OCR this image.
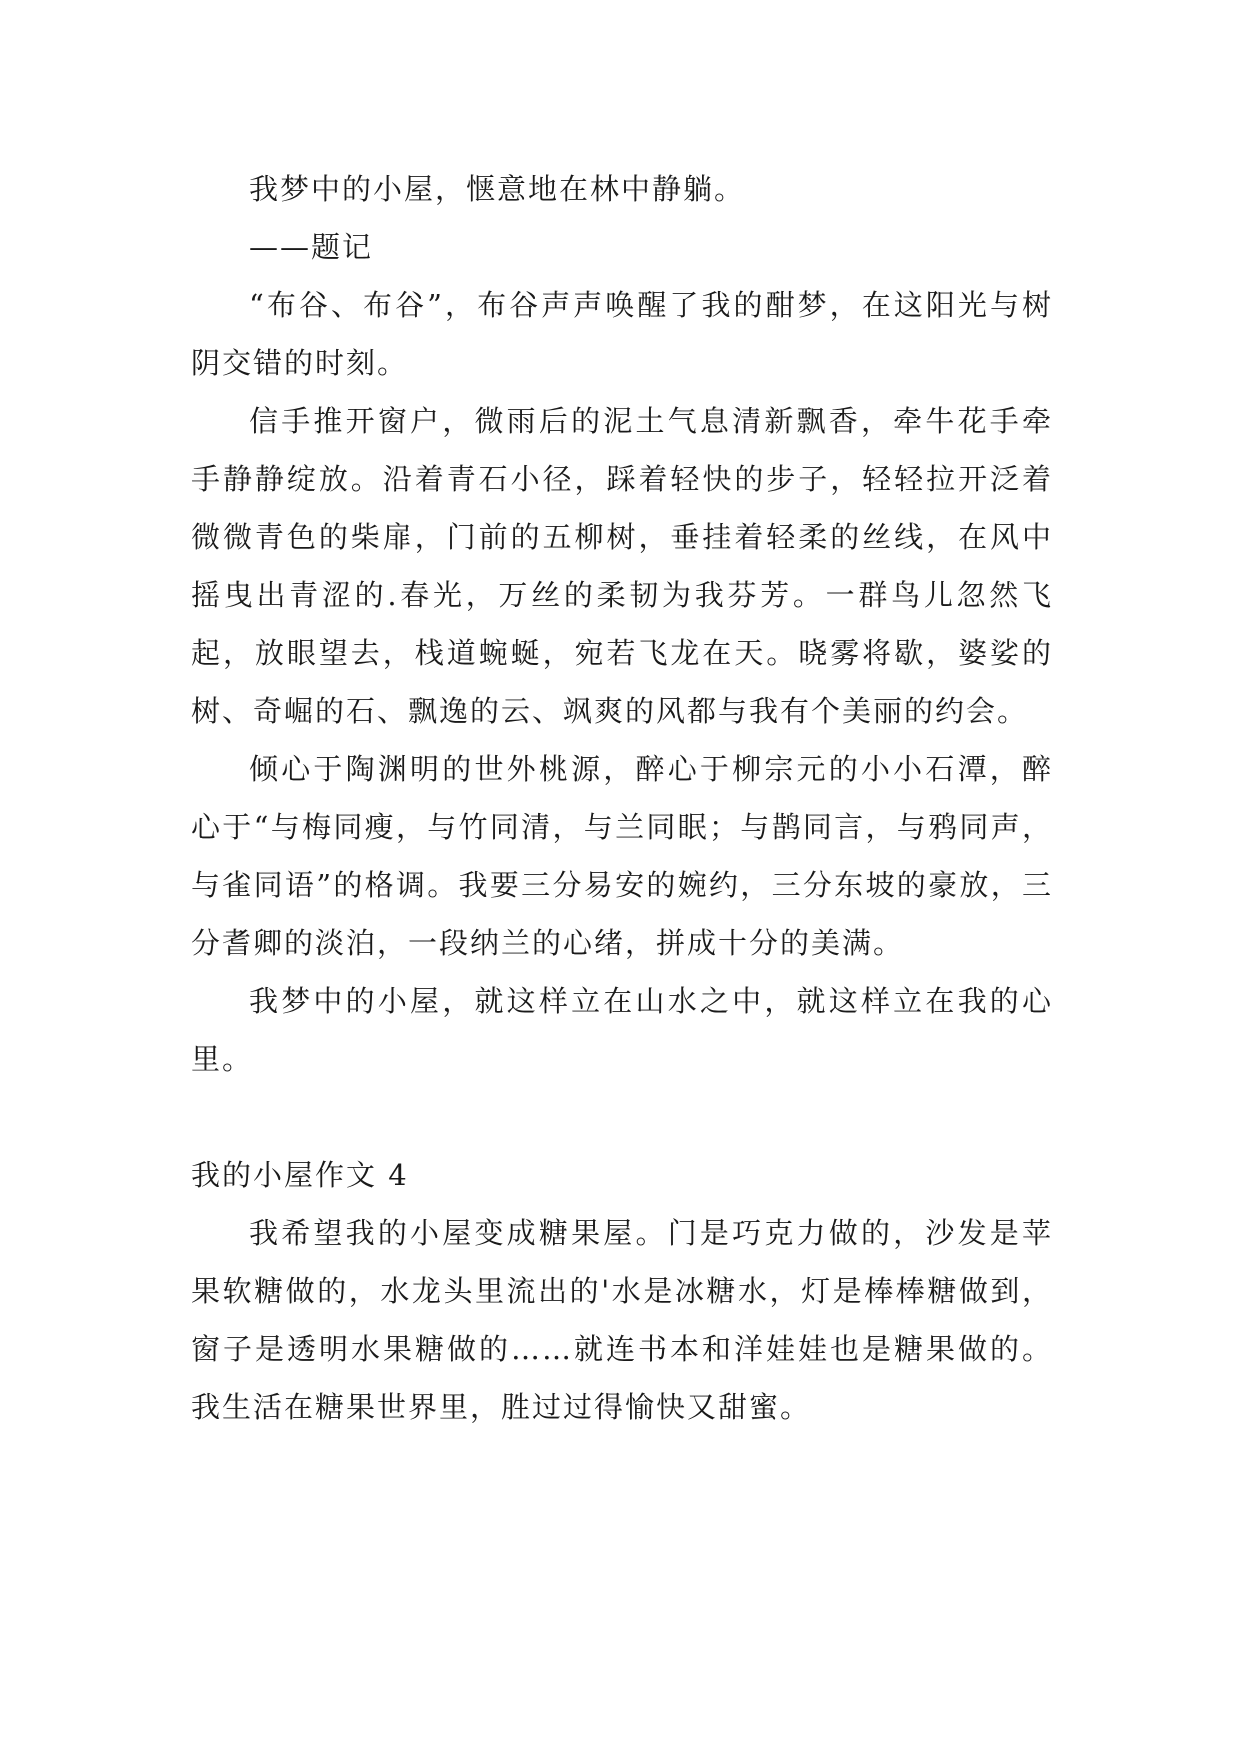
我梦中的小屋，惬意地在林中静躺。

——题记

“布谷、布谷”，布谷声声唤醒了我的酣梦，在这阳光与树阴交错的时刻。

信手推开窗户，微雨后的泥土气息清新飘香，牵牛花手牵手静静绽放。沿着青石小径，踩着轻快的步子，轻轻拉开泛着微微青色的柴扉，门前的五柳树，垂挂着轻柔的丝线，在风中摇曳出青涩的.春光，万丝的柔韧为我芬芳。一群鸟儿忽然飞起，放眼望去，栈道蜿蜒，宛若飞龙在天。晓雾将歇，婆娑的树、奇崛的石、飘逸的云、飒爽的风都与我有个美丽的约会。

倾心于陶渊明的世外桃源，醉心于柳宗元的小小石潭，醉心于“与梅同瘦，与竹同清，与兰同眠；与鹊同言，与鸦同声，与雀同语”的格调。我要三分易安的婉约，三分东坡的豪放，三分耆卿的淡泊，一段纳兰的心绪，拼成十分的美满。

我梦中的小屋，就这样立在山水之中，就这样立在我的心里。

我的小屋作文 4

我希望我的小屋变成糖果屋。门是巧克力做的，沙发是苹果软糖做的，水龙头里流出的'水是冰糖水，灯是棒棒糖做到，窗子是透明水果糖做的……就连书本和洋娃娃也是糖果做的。我生活在糖果世界里，胜过过得愉快又甜蜜。
